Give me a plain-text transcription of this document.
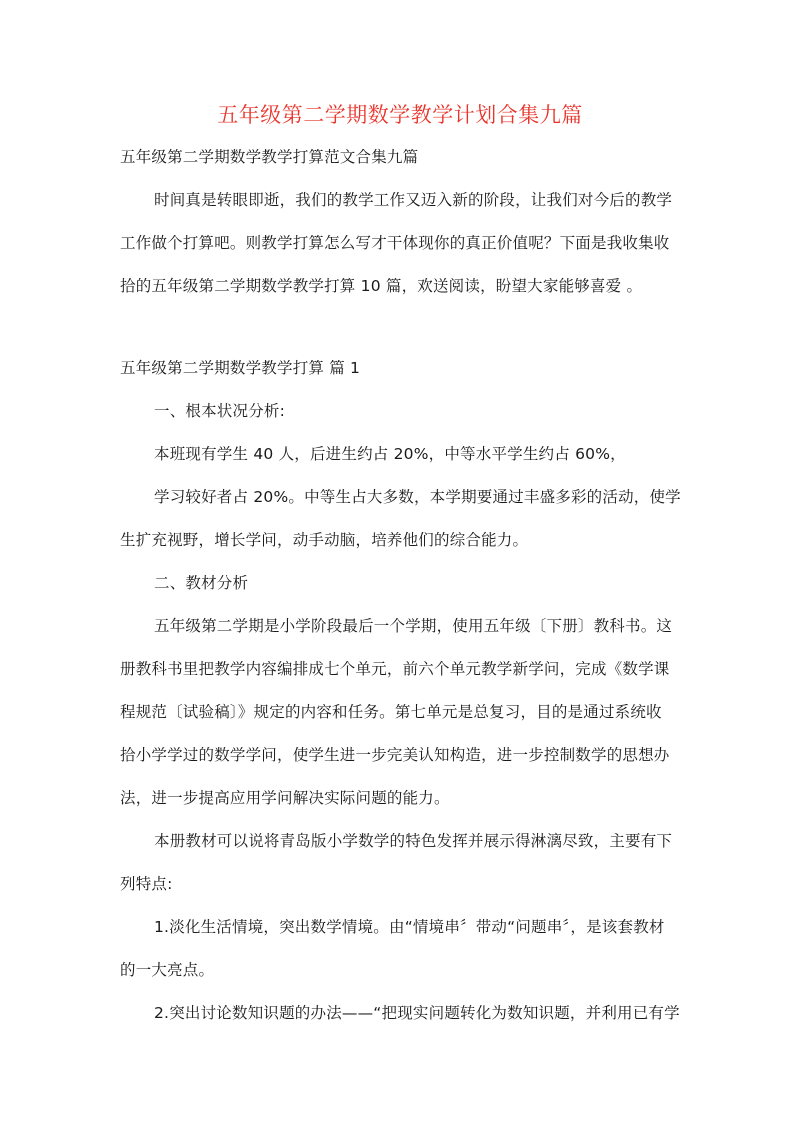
五年级第二学期数学教学计划合集九篇
五年级第二学期数学教学打算范文合集九篇
时间真是转眼即逝，我们的教学工作又迈入新的阶段，让我们对今后的教学
工作做个打算吧。则教学打算怎么写才干体现你的真正价值呢？下面是我收集收
拾的五年级第二学期数学教学打算 10 篇，欢送阅读，盼望大家能够喜爱 。
五年级第二学期数学教学打算 篇 1
一、根本状况分析:
本班现有学生 40 人，后进生约占 20%，中等水平学生约占 60%，
学习较好者占 20%。中等生占大多数，本学期要通过丰盛多彩的活动，使学
生扩充视野，增长学问，动手动脑，培养他们的综合能力。
二、教材分析
五年级第二学期是小学阶段最后一个学期，使用五年级〔下册〕教科书。这
册教科书里把教学内容编排成七个单元，前六个单元教学新学问，完成《数学课
程规范〔试验稿〕》规定的内容和任务。第七单元是总复习，目的是通过系统收
拾小学学过的数学学问，使学生进一步完美认知构造，进一步控制数学的思想办
法，进一步提高应用学问解决实际问题的能力。
本册教材可以说将青岛版小学数学的特色发挥并展示得淋漓尽致，主要有下
列特点:
1.淡化生活情境，突出数学情境。由“情境串〞带动“问题串〞，是该套教材
的一大亮点。
2.突出讨论数知识题的办法——“把现实问题转化为数知识题，并利用已有学
